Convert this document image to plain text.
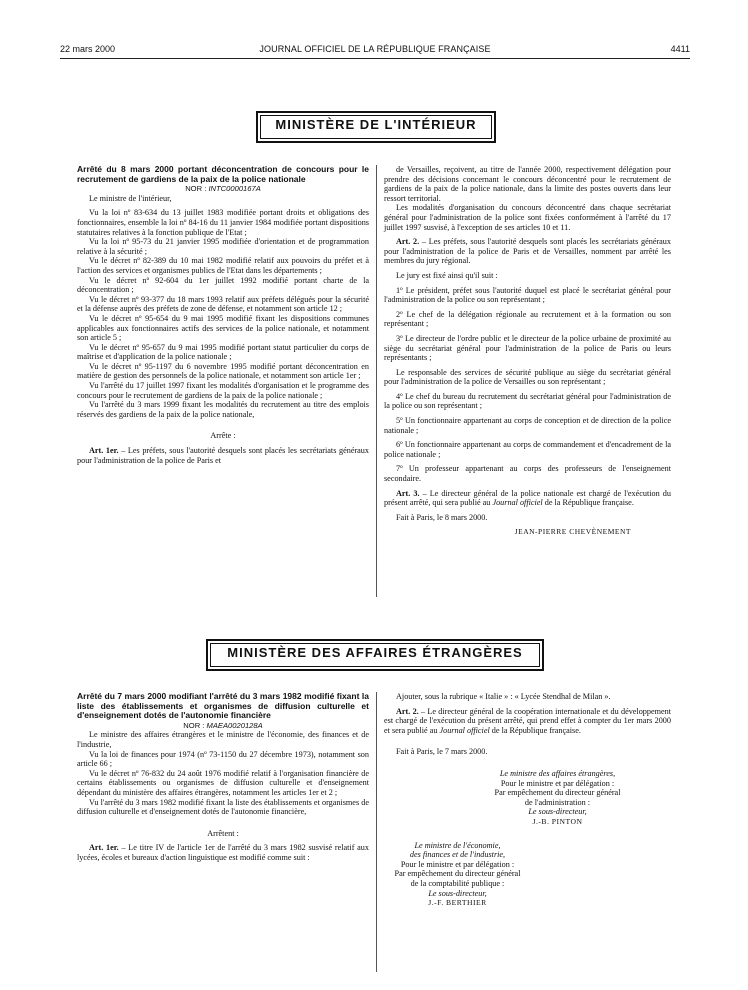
22 mars 2000	JOURNAL OFFICIEL DE LA RÉPUBLIQUE FRANÇAISE	4411
MINISTÈRE DE L'INTÉRIEUR

Arrêté du 8 mars 2000 portant déconcentration de concours pour le recrutement de gardiens de la paix de la police nationale

NOR : INTC0000167A

Le ministre de l'intérieur,

Vu la loi nº 83-634 du 13 juillet 1983 modifiée portant droits et obligations des fonctionnaires, ensemble la loi nº 84-16 du 11 janvier 1984 modifiée portant dispositions statutaires relatives à la fonction publique de l'Etat ;

Vu la loi nº 95-73 du 21 janvier 1995 modifiée d'orientation et de programmation relative à la sécurité ;

Vu le décret nº 82-389 du 10 mai 1982 modifié relatif aux pouvoirs du préfet et à l'action des services et organismes publics de l'Etat dans les départements ;

Vu le décret nº 92-604 du 1er juillet 1992 modifié portant charte de la déconcentration ;

Vu le décret nº 93-377 du 18 mars 1993 relatif aux préfets délégués pour la sécurité et la défense auprès des préfets de zone de défense, et notamment son article 12 ;

Vu le décret nº 95-654 du 9 mai 1995 modifié fixant les dispositions communes applicables aux fonctionnaires actifs des services de la police nationale, et notamment son article 5 ;

Vu le décret nº 95-657 du 9 mai 1995 modifié portant statut particulier du corps de maîtrise et d'application de la police nationale ;

Vu le décret nº 95-1197 du 6 novembre 1995 modifié portant déconcentration en matière de gestion des personnels de la police nationale, et notamment son article 1er ;

Vu l'arrêté du 17 juillet 1997 fixant les modalités d'organisation et le programme des concours pour le recrutement de gardiens de la paix de la police nationale ;

Vu l'arrêté du 3 mars 1999 fixant les modalités du recrutement au titre des emplois réservés des gardiens de la paix de la police nationale,

Arrête :

Art. 1er. – Les préfets, sous l'autorité desquels sont placés les secrétariats généraux pour l'administration de la police de Paris et

de Versailles, reçoivent, au titre de l'année 2000, respectivement délégation pour prendre des décisions concernant le concours déconcentré pour le recrutement de gardiens de la paix de la police nationale, dans la limite des postes ouverts dans leur ressort territorial.

Les modalités d'organisation du concours déconcentré dans chaque secrétariat général pour l'administration de la police sont fixées conformément à l'arrêté du 17 juillet 1997 susvisé, à l'exception de ses articles 10 et 11.

Art. 2. – Les préfets, sous l'autorité desquels sont placés les secrétariats généraux pour l'administration de la police de Paris et de Versailles, nomment par arrêté les membres du jury régional.

Le jury est fixé ainsi qu'il suit :

1º Le président, préfet sous l'autorité duquel est placé le secrétariat général pour l'administration de la police ou son représentant ;

2º Le chef de la délégation régionale au recrutement et à la formation ou son représentant ;

3º Le directeur de l'ordre public et le directeur de la police urbaine de proximité au siège du secrétariat général pour l'administration de la police de Paris ou leurs représentants ;

Le responsable des services de sécurité publique au siège du secrétariat général pour l'administration de la police de Versailles ou son représentant ;

4º Le chef du bureau du recrutement du secrétariat général pour l'administration de la police ou son représentant ;

5º Un fonctionnaire appartenant au corps de conception et de direction de la police nationale ;

6º Un fonctionnaire appartenant au corps de commandement et d'encadrement de la police nationale ;

7º Un professeur appartenant au corps des professeurs de l'enseignement secondaire.

Art. 3. – Le directeur général de la police nationale est chargé de l'exécution du présent arrêté, qui sera publié au Journal officiel de la République française.

Fait à Paris, le 8 mars 2000.

JEAN-PIERRE CHEVÈNEMENT

MINISTÈRE DES AFFAIRES ÉTRANGÈRES

Arrêté du 7 mars 2000 modifiant l'arrêté du 3 mars 1982 modifié fixant la liste des établissements et organismes de diffusion culturelle et d'enseignement dotés de l'autonomie financière

NOR : MAEA0020128A

Le ministre des affaires étrangères et le ministre de l'économie, des finances et de l'industrie,

Vu la loi de finances pour 1974 (nº 73-1150 du 27 décembre 1973), notamment son article 66 ;

Vu le décret nº 76-832 du 24 août 1976 modifié relatif à l'organisation financière de certains établissements ou organismes de diffusion culturelle et d'enseignement dépendant du ministère des affaires étrangères, notamment les articles 1er et 2 ;

Vu l'arrêté du 3 mars 1982 modifié fixant la liste des établissements et organismes de diffusion culturelle et d'enseignement dotés de l'autonomie financière,

Arrêtent :

Art. 1er. – Le titre IV de l'article 1er de l'arrêté du 3 mars 1982 susvisé relatif aux lycées, écoles et bureaux d'action linguistique est modifié comme suit :

Ajouter, sous la rubrique « Italie » : « Lycée Stendhal de Milan ».

Art. 2. – Le directeur général de la coopération internationale et du développement est chargé de l'exécution du présent arrêté, qui prend effet à compter du 1er mars 2000 et sera publié au Journal officiel de la République française.

Fait à Paris, le 7 mars 2000.

Le ministre des affaires étrangères,

Pour le ministre et par délégation :

Par empêchement du directeur général

de l'administration :

Le sous-directeur,

J.-B. PINTON

Le ministre de l'économie,

des finances et de l'industrie,

Pour le ministre et par délégation :

Par empêchement du directeur général

de la comptabilité publique :

Le sous-directeur,

J.-F. BERTHIER
